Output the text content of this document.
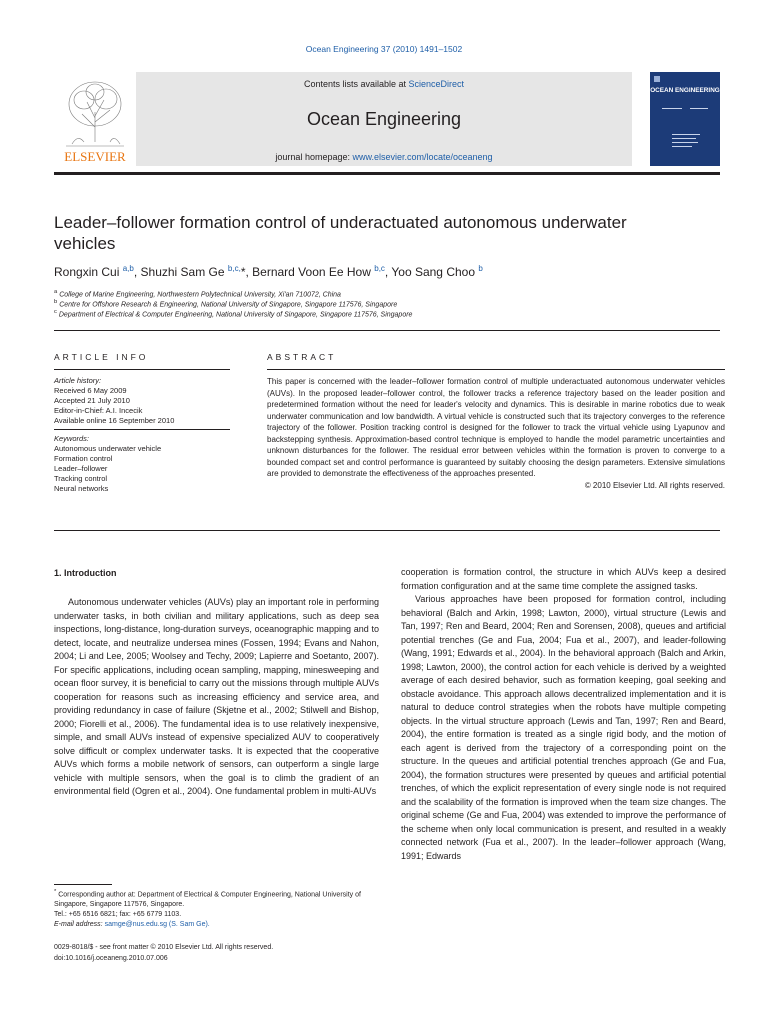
Ocean Engineering 37 (2010) 1491–1502
ELSEVIER
Contents lists available at ScienceDirect
Ocean Engineering
journal homepage: www.elsevier.com/locate/oceaneng
OCEAN ENGINEERING
Leader–follower formation control of underactuated autonomous underwater vehicles
Rongxin Cui $^{a,b}$, Shuzhi Sam Ge $^{b,c,}$*, Bernard Voon Ee How $^{b,c}$, Yoo Sang Choo $^b$
$^a$ College of Marine Engineering, Northwestern Polytechnical University, Xi'an 710072, China
$^b$ Centre for Offshore Research & Engineering, National University of Singapore, Singapore 117576, Singapore
$^c$ Department of Electrical & Computer Engineering, National University of Singapore, Singapore 117576, Singapore
ARTICLE INFO	ABSTRACT
Article history:
Received 6 May 2009
Accepted 21 July 2010
Editor-in-Chief: A.I. Incecik
Available online 16 September 2010
Keywords:
Autonomous underwater vehicle
Formation control
Leader–follower
Tracking control
Neural networks
This paper is concerned with the leader–follower formation control of multiple underactuated autonomous underwater vehicles (AUVs). In the proposed leader–follower control, the follower tracks a reference trajectory based on the leader position and predetermined formation without the need for leader's velocity and dynamics. This is desirable in marine robotics due to weak underwater communication and low bandwidth. A virtual vehicle is constructed such that its trajectory converges to the reference trajectory of the follower. Position tracking control is designed for the follower to track the virtual vehicle using Lyapunov and backstepping synthesis. Approximation-based control technique is employed to handle the model parametric uncertainties and unknown disturbances for the follower. The residual error between vehicles within the formation is proven to converge to a bounded compact set and control performance is guaranteed by suitably choosing the design parameters. Extensive simulations are provided to demonstrate the effectiveness of the approaches presented.
© 2010 Elsevier Ltd. All rights reserved.
1. Introduction

Autonomous underwater vehicles (AUVs) play an important role in performing underwater tasks, in both civilian and military applications, such as deep sea inspections, long-distance, long-duration surveys, oceanographic mapping and to detect, locate, and neutralize undersea mines (Fossen, 1994; Evans and Nahon, 2004; Li and Lee, 2005; Woolsey and Techy, 2009; Lapierre and Soetanto, 2007). For specific applications, including ocean sampling, mapping, minesweeping and ocean floor survey, it is beneficial to carry out the missions through multiple AUVs cooperation for reasons such as increasing efficiency and service area, and providing redundancy in case of failure (Skjetne et al., 2002; Stilwell and Bishop, 2000; Fiorelli et al., 2006). The fundamental idea is to use relatively inexpensive, simple, and small AUVs instead of expensive specialized AUV to cooperatively solve difficult or complex underwater tasks. It is expected that the cooperative AUVs which forms a mobile network of sensors, can outperform a single large vehicle with multiple sensors, when the goal is to climb the gradient of an environmental field (Ogren et al., 2004). One fundamental problem in multi-AUVs

cooperation is formation control, the structure in which AUVs keep a desired formation configuration and at the same time complete the assigned tasks.

Various approaches have been proposed for formation control, including behavioral (Balch and Arkin, 1998; Lawton, 2000), virtual structure (Lewis and Tan, 1997; Ren and Beard, 2004; Ren and Sorensen, 2008), queues and artificial potential trenches (Ge and Fua, 2004; Fua et al., 2007), and leader-following (Wang, 1991; Edwards et al., 2004). In the behavioral approach (Balch and Arkin, 1998; Lawton, 2000), the control action for each vehicle is derived by a weighted average of each desired behavior, such as formation keeping, goal seeking and obstacle avoidance. This approach allows decentralized implementation and it is natural to deduce control strategies when the robots have multiple competing objects. In the virtual structure approach (Lewis and Tan, 1997; Ren and Beard, 2004), the entire formation is treated as a single rigid body, and the motion of each agent is derived from the trajectory of a corresponding point on the structure. In the queues and artificial potential trenches approach (Ge and Fua, 2004), the formation structures were presented by queues and artificial potential trenches, of which the explicit representation of every single node is not required and the scalability of the formation is improved when the team size changes. The original scheme (Ge and Fua, 2004) was extended to improve the performance of the scheme when only local communication is present, and resulted in a weakly connected network (Fua et al., 2007). In the leader–follower approach (Wang, 1991; Edwards

* Corresponding author at: Department of Electrical & Computer Engineering, National University of Singapore, Singapore 117576, Singapore.
Tel.: +65 6516 6821; fax: +65 6779 1103.
E-mail address: samge@nus.edu.sg (S. Sam Ge).
0029-8018/$ - see front matter © 2010 Elsevier Ltd. All rights reserved.
doi:10.1016/j.oceaneng.2010.07.006
